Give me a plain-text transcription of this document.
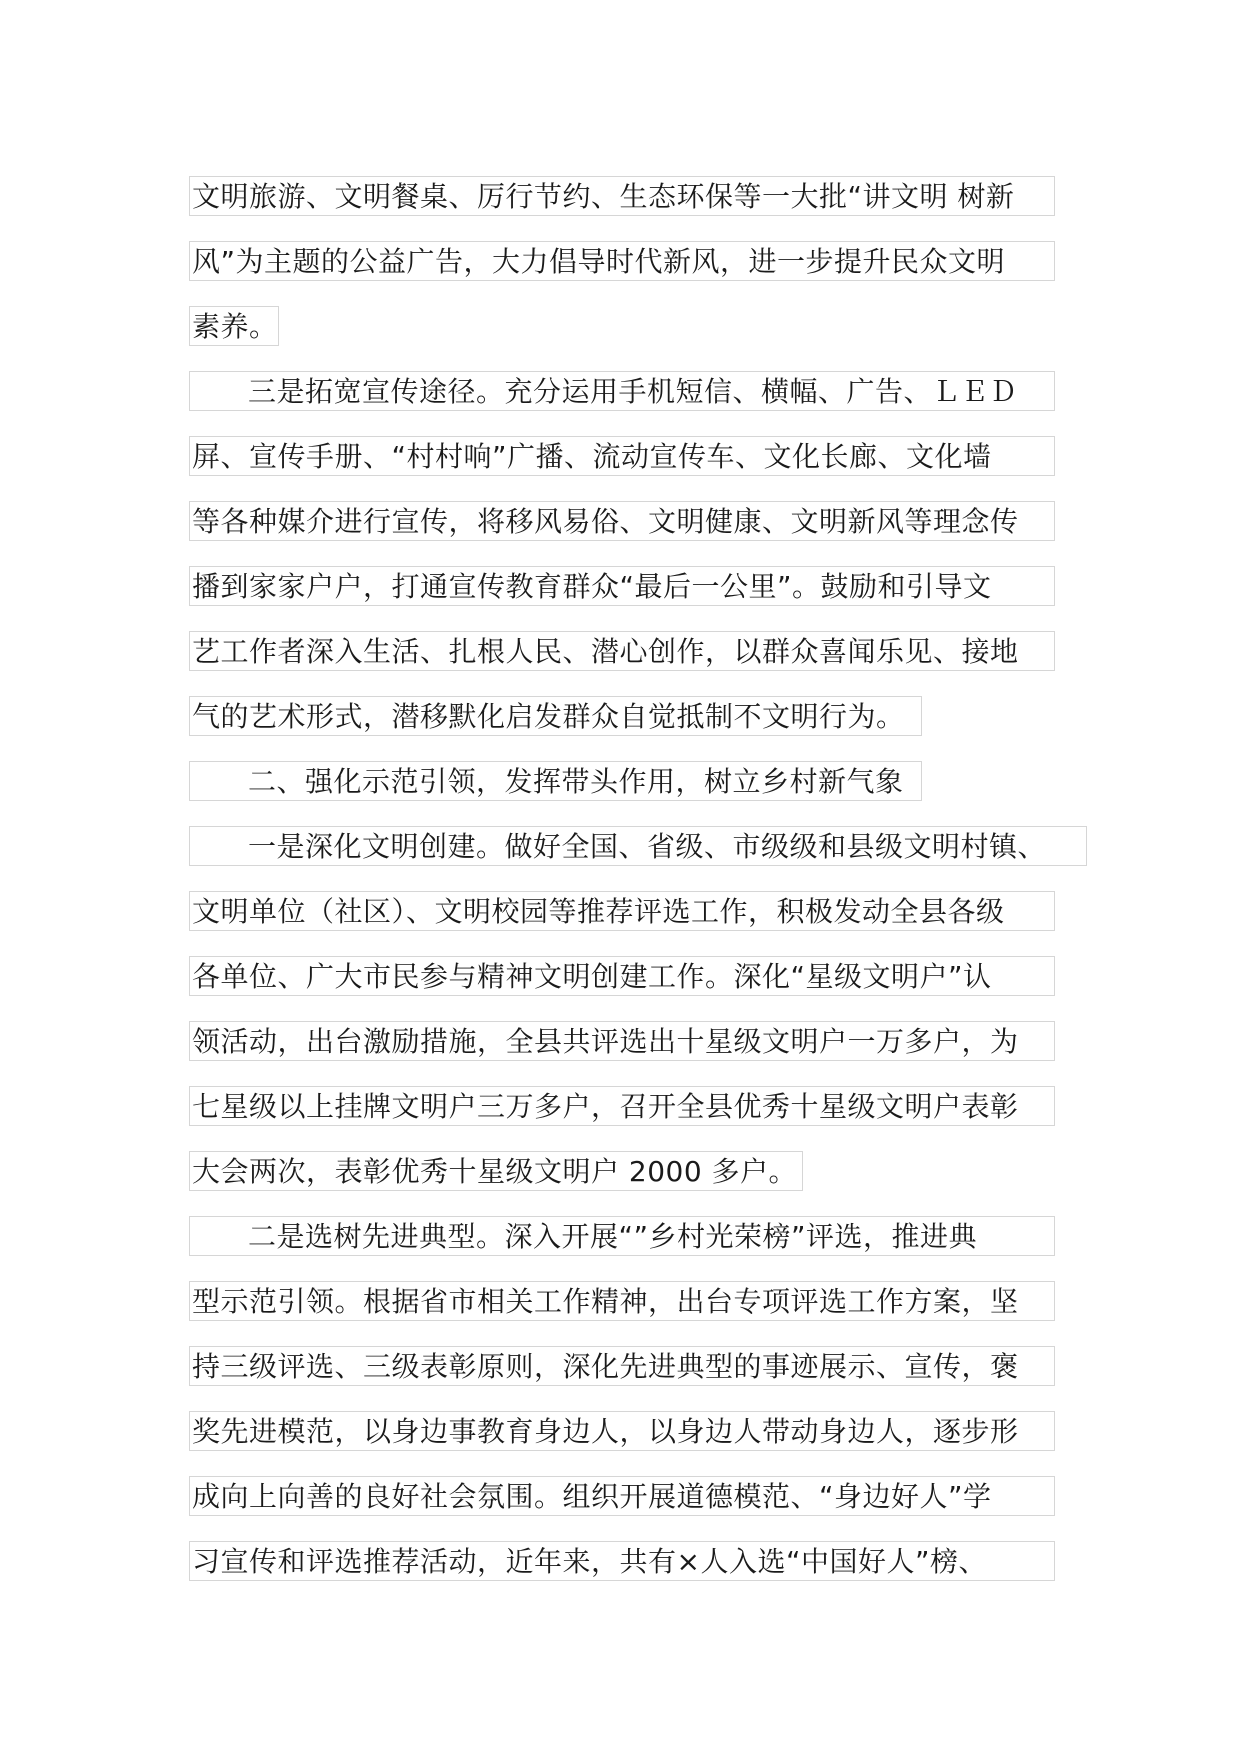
文明旅游、文明餐桌、厉行节约、生态环保等一大批“讲文明 树新
风”为主题的公益广告，大力倡导时代新风，进一步提升民众文明
素养。
三是拓宽宣传途径。充分运用手机短信、横幅、广告、ＬＥＤ
屏、宣传手册、“村村响”广播、流动宣传车、文化长廊、文化墙
等各种媒介进行宣传，将移风易俗、文明健康、文明新风等理念传
播到家家户户，打通宣传教育群众“最后一公里”。鼓励和引导文
艺工作者深入生活、扎根人民、潜心创作，以群众喜闻乐见、接地
气的艺术形式，潜移默化启发群众自觉抵制不文明行为。
二、强化示范引领，发挥带头作用，树立乡村新气象
一是深化文明创建。做好全国、省级、市级级和县级文明村镇、
文明单位（社区）、文明校园等推荐评选工作，积极发动全县各级
各单位、广大市民参与精神文明创建工作。深化“星级文明户”认
领活动，出台激励措施，全县共评选出十星级文明户一万多户，为
七星级以上挂牌文明户三万多户，召开全县优秀十星级文明户表彰
大会两次，表彰优秀十星级文明户 2000 多户。
二是选树先进典型。深入开展“”乡村光荣榜”评选，推进典
型示范引领。根据省市相关工作精神，出台专项评选工作方案，坚
持三级评选、三级表彰原则，深化先进典型的事迹展示、宣传，褒
奖先进模范，以身边事教育身边人，以身边人带动身边人，逐步形
成向上向善的良好社会氛围。组织开展道德模范、“身边好人”学
习宣传和评选推荐活动，近年来，共有×人入选“中国好人”榜、
